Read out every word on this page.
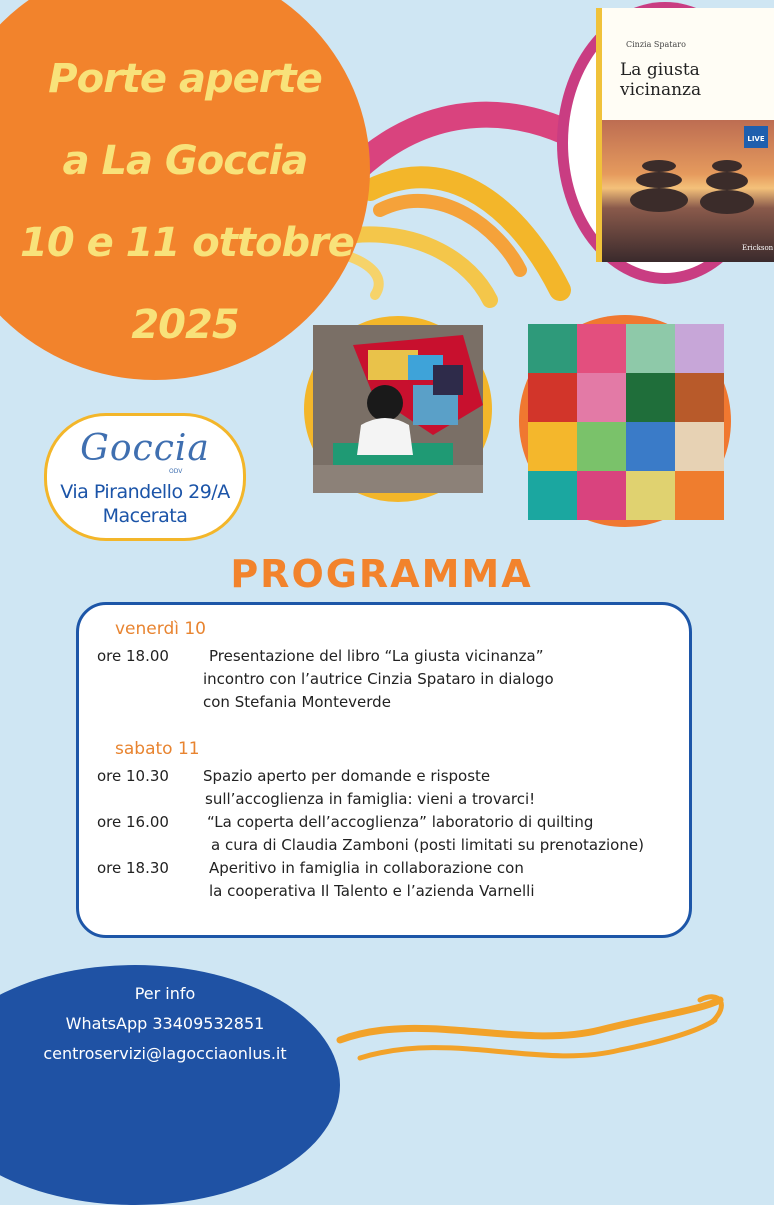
Porte aperte
a La Goccia
10 e 11 ottobre
2025
Cinzia Spataro
La giusta
vicinanza
LIVE
Erickson
Goccia
ODV
Via Pirandello 29/A
Macerata
PROGRAMMA
venerdì 10
ore 18.00	Presentazione del libro “La giusta vicinanza”
incontro con l’autrice Cinzia Spataro in dialogo
con Stefania Monteverde
sabato 11
ore 10.30 Spazio aperto per domande e risposte
sull’accoglienza in famiglia: vieni a trovarci!
ore 16.00	“La coperta dell’accoglienza” laboratorio di quilting
a cura di Claudia Zamboni (posti limitati su prenotazione)
ore 18.30	Aperitivo in famiglia in collaborazione con
la cooperativa Il Talento e l’azienda Varnelli
Per info
WhatsApp 33409532851
centroservizi@lagocciaonlus.it
